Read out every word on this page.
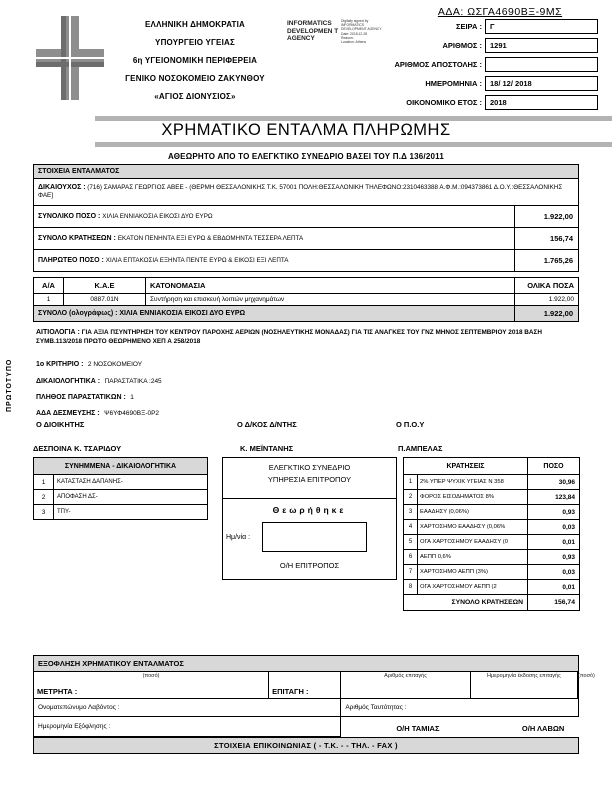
ΕΛΛΗΝΙΚΗ ΔΗΜΟΚΡΑΤΙΑ
ΥΠΟΥΡΓΕΙΟ ΥΓΕΙΑΣ
6η ΥΓΕΙΟΝΟΜΙΚΗ ΠΕΡΙΦΕΡΕΙΑ
ΓΕΝΙΚΟ ΝΟΣΟΚΟΜΕΙΟ ΖΑΚΥΝΘΟΥ
«ΑΓΙΟΣ ΔΙΟΝΥΣΙΟΣ»
ΑΔΑ: ΩΣΓΑ4690ΒΞ-9ΜΣ
INFORMATICS DEVELOPMEN T AGENCY
Digitally signed by
INFORMATICS
DEVELOPMENT AGENCY
Date: 2018.12.28
Reason:
Location: Athens
ΣΕΙΡΑ :	Γ
ΑΡΙΘΜΟΣ :	1291
ΑΡΙΘΜΟΣ ΑΠΟΣΤΟΛΗΣ :
ΗΜΕΡΟΜΗΝΙΑ :	18/ 12/ 2018
ΟΙΚΟΝΟΜΙΚΟ ΕΤΟΣ :	2018
ΧΡΗΜΑΤΙΚΟ ΕΝΤΑΛΜΑ ΠΛΗΡΩΜΗΣ
ΑΘΕΩΡΗΤΟ ΑΠΟ ΤΟ ΕΛΕΓΚΤΙΚΟ ΣΥΝΕΔΡΙΟ ΒΑΣΕΙ ΤΟΥ Π.Δ 136/2011
ΣΤΟΙΧΕΙΑ ΕΝΤΑΛΜΑΤΟΣ	
ΔΙΚΑΙΟΥΧΟΣ : (716) ΣΑΜΑΡΑΣ ΓΕΩΡΓΙΟΣ ΑΒΕΕ - (ΘΕΡΜΗ ΘΕΣΣΑΛΟΝΙΚΗΣ Τ.Κ. 57001 ΠΟΛΗ:ΘΕΣΣΑΛΟΝΙΚΗ ΤΗΛΕΦΩΝΟ:2310463388 Α.Φ.Μ.:094373861 Δ.Ο.Υ.:ΘΕΣΣΑΛΟΝΙΚΗΣ ΦΑΕ]	
ΣΥΝΟΛΙΚΟ ΠΟΣΟ : ΧΙΛΙΑ ΕΝΝΙΑΚΟΣΙΑ ΕΙΚΟΣΙ ΔΥΟ ΕΥΡΩ	1.922,00
ΣΥΝΟΛΟ ΚΡΑΤΗΣΕΩΝ : ΕΚΑΤΟΝ ΠΕΝΗΝΤΑ ΕΞΙ ΕΥΡΩ & ΕΒΔΟΜΗΝΤΑ ΤΕΣΣΕΡΑ ΛΕΠΤΑ	156,74
ΠΛΗΡΩΤΕΟ ΠΟΣΟ : ΧΙΛΙΑ ΕΠΤΑΚΟΣΙΑ ΕΞΗΝΤΑ ΠΕΝΤΕ ΕΥΡΩ & ΕΙΚΟΣΙ ΕΞΙ ΛΕΠΤΑ	1.765,26
Α/Α	Κ.Α.Ε	ΚΑΤΟΝΟΜΑΣΙΑ	ΟΛΙΚΑ ΠΟΣΑ
1	0887.01Ν	Συντήρηση και επισκευή λοιπών μηχανημάτων	1.922,00
ΣΥΝΟΛΟ (ολογράφως) : ΧΙΛΙΑ ΕΝΝΙΑΚΟΣΙΑ ΕΙΚΟΣΙ ΔΥΟ ΕΥΡΩ			1.922,00
ΑΙΤΙΟΛΟΓΙΑ : ΓΙΑ ΑΞΙΑ ΠΣΥΝΤΗΡΗΣΗ ΤΟΥ ΚΕΝΤΡΟΥ ΠΑΡΟΧΗΣ ΑΕΡΙΩΝ (ΝΟΣΗΛΕΥΤΙΚΗΣ ΜΟΝΑΔΑΣ) ΓΙΑ ΤΙΣ ΑΝΑΓΚΕΣ ΤΟΥ ΓΝΖ ΜΗΝΟΣ ΣΕΠΤΕΜΒΡΙΟΥ 2018 ΒΑΣΗ ΣΥΜΒ.113/2018 ΠΡΩΤΟ ΘΕΩΡΗΜΕΝΟ ΧΕΠ Α 258/2018
1ο ΚΡΙΤΗΡΙΟ : 2 ΝΟΣΟΚΟΜΕΙΟΥ
ΔΙΚΑΙΟΛΟΓΗΤΙΚΑ : ΠΑΡΑΣΤΑΤΙΚΑ :245
ΠΛΗΘΟΣ ΠΑΡΑΣΤΑΤΙΚΩΝ : 1
ΑΔΑ ΔΕΣΜΕΥΣΗΣ : Ψ6ΥΦ4690ΒΞ-0Ρ2
ΠΡΩΤΟΤΥΠΟ
Ο ΔΙΟΙΚΗΤΗΣ	Ο Δ/ΚΟΣ Δ/ΝΤΗΣ	Ο Π.Ο.Υ
ΔΕΣΠΟΙΝΑ Κ. ΤΣΑΡΙΔΟΥ	Κ. ΜΕΪΝΤΑΝΗΣ	Π.ΑΜΠΕΛΑΣ
ΣΥΝΗΜΜΕΝΑ - ΔΙΚΑΙΟΛΟΓΗΤΙΚΑ	
1	ΚΑΤΑΣΤΑΣΗ ΔΑΠΑΝΗΣ-
2	ΑΠΟΦΑΣΗ ΔΣ-
3	ΤΠΥ-
ΕΛΕΓΚΤΙΚΟ ΣΥΝΕΔΡΙΟ
ΥΠΗΡΕΣΙΑ ΕΠΙΤΡΟΠΟΥ
Θεωρήθηκε
Ημ/νία :
Ο/Η ΕΠΙΤΡΟΠΟΣ
ΚΡΑΤΗΣΕΙΣ		ΠΟΣΟ
1	2% ΥΠΕΡ ΨΥΧΙΚ ΥΓΕΙΑΣ Ν 358	30,96
2	ΦΟΡΟΣ ΕΙΣΟΔΗΜΑΤΟΣ 8%	123,84
3	ΕΑΑΔΗΣΥ (0,06%)	0,93
4	ΧΑΡΤΟΣΗΜΟ ΕΑΑΔΗΣΥ (0,06%	0,03
5	ΟΓΑ ΧΑΡΤΟΣΗΜΟΥ ΕΑΑΔΗΣΥ (0	0,01
6	ΑΕΠΠ 0,6%	0,93
7	ΧΑΡΤΟΣΗΜΟ ΑΕΠΠ (3%)	0,03
8	ΟΓΑ ΧΑΡΤΟΣΗΜΟΥ ΑΕΠΠ (2	0,01
ΣΥΝΟΛΟ ΚΡΑΤΗΣΕΩΝ		156,74
ΕΞΟΦΛΗΣΗ ΧΡΗΜΑΤΙΚΟΥ ΕΝΤΑΛΜΑΤΟΣ				

(ποσό)
ΜΕΤΡΗΤΑ :	ΕΠΙΤΑΓΗ :	Αριθμός επιταγής	Ημερομηνία έκδοσης επιταγής	(ποσό)

Ονοματεπώνυμο Λαβόντος :		Αριθμός Ταυτότητας :		
Ημερομηνία Εξόφλησης :		Ο/Η ΤΑΜΙΑΣ Ο/Η ΛΑΒΩΝ		
ΣΤΟΙΧΕΙΑ ΕΠΙΚΟΙΝΩΝΙΑΣ ( - Τ.Κ. - - ΤΗΛ. - FAX )
